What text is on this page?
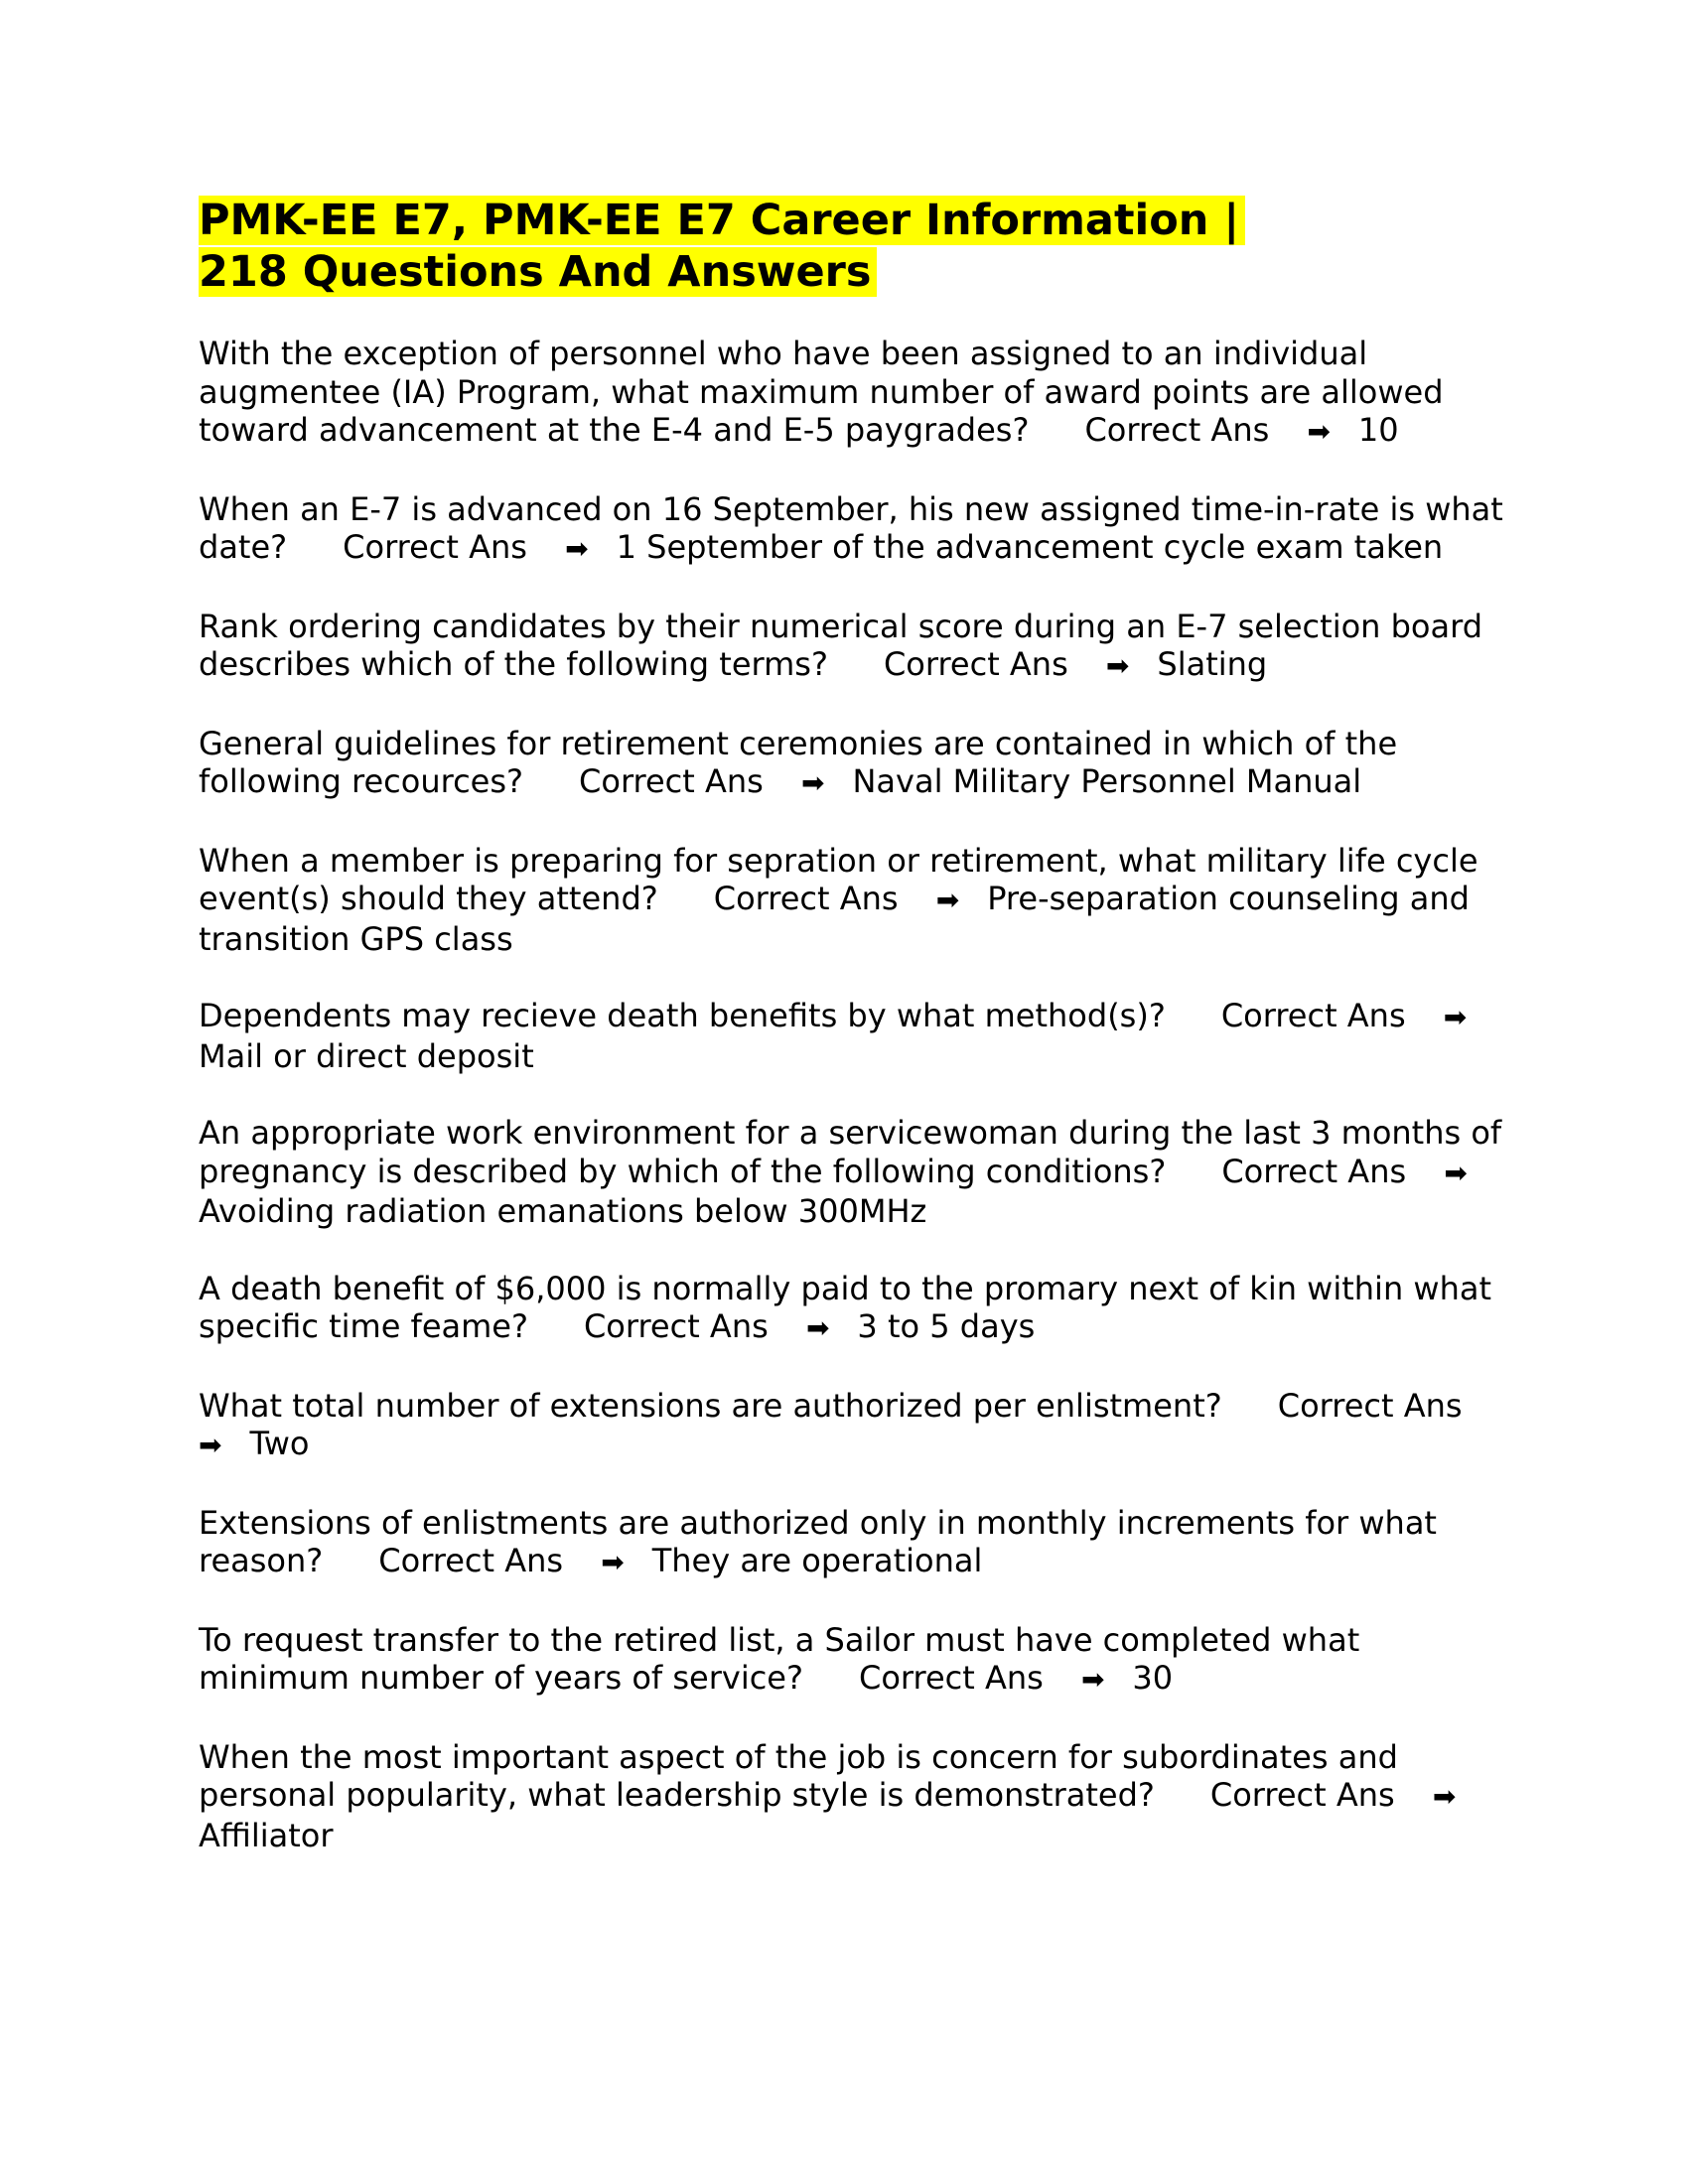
PMK-EE E7, PMK-EE E7 Career Information |
218 Questions And Answers

With the exception of personnel who have been assigned to an individual augmentee (IA) Program, what maximum number of award points are allowed toward advancement at the E-4 and E-5 paygrades? Correct Ans ➡ 10

When an E-7 is advanced on 16 September, his new assigned time-in-rate is what date? Correct Ans ➡ 1 September of the advancement cycle exam taken

Rank ordering candidates by their numerical score during an E-7 selection board describes which of the following terms? Correct Ans ➡ Slating

General guidelines for retirement ceremonies are contained in which of the following recources? Correct Ans ➡ Naval Military Personnel Manual

When a member is preparing for sepration or retirement, what military life cycle event(s) should they attend? Correct Ans ➡ Pre-separation counseling and transition GPS class

Dependents may recieve death benefits by what method(s)? Correct Ans ➡Mail or direct deposit

An appropriate work environment for a servicewoman during the last 3 months of pregnancy is described by which of the following conditions? Correct Ans ➡Avoiding radiation emanations below 300MHz

A death benefit of $6,000 is normally paid to the promary next of kin within what specific time feame? Correct Ans ➡ 3 to 5 days

What total number of extensions are authorized per enlistment? Correct Ans ➡ Two

Extensions of enlistments are authorized only in monthly increments for what reason? Correct Ans ➡ They are operational

To request transfer to the retired list, a Sailor must have completed what minimum number of years of service? Correct Ans ➡ 30

When the most important aspect of the job is concern for subordinates and personal popularity, what leadership style is demonstrated? Correct Ans ➡Affiliator
